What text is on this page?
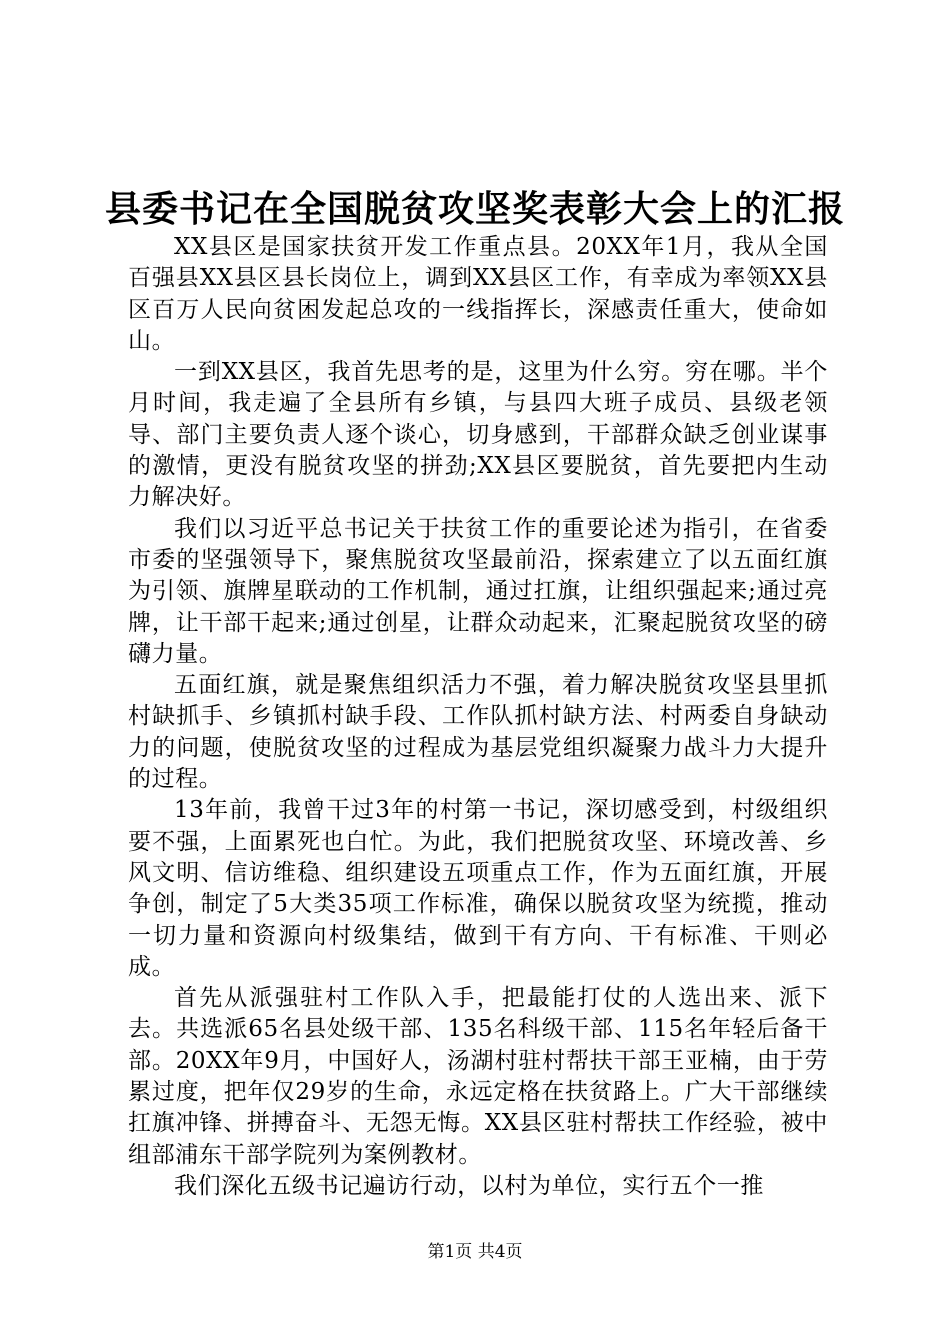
县委书记在全国脱贫攻坚奖表彰大会上的汇报

XX县区是国家扶贫开发工作重点县。20XX年1月，我从全国百强县XX县区县长岗位上，调到XX县区工作，有幸成为率领XX县区百万人民向贫困发起总攻的一线指挥长，深感责任重大，使命如山。

一到XX县区，我首先思考的是，这里为什么穷。穷在哪。半个月时间，我走遍了全县所有乡镇，与县四大班子成员、县级老领导、部门主要负责人逐个谈心，切身感到，干部群众缺乏创业谋事的激情，更没有脱贫攻坚的拼劲;XX县区要脱贫，首先要把内生动力解决好。

我们以习近平总书记关于扶贫工作的重要论述为指引，在省委市委的坚强领导下，聚焦脱贫攻坚最前沿，探索建立了以五面红旗为引领、旗牌星联动的工作机制，通过扛旗，让组织强起来;通过亮牌，让干部干起来;通过创星，让群众动起来，汇聚起脱贫攻坚的磅礴力量。

五面红旗，就是聚焦组织活力不强，着力解决脱贫攻坚县里抓村缺抓手、乡镇抓村缺手段、工作队抓村缺方法、村两委自身缺动力的问题，使脱贫攻坚的过程成为基层党组织凝聚力战斗力大提升的过程。

13年前，我曾干过3年的村第一书记，深切感受到，村级组织要不强，上面累死也白忙。为此，我们把脱贫攻坚、环境改善、乡风文明、信访维稳、组织建设五项重点工作，作为五面红旗，开展争创，制定了5大类35项工作标准，确保以脱贫攻坚为统揽，推动一切力量和资源向村级集结，做到干有方向、干有标准、干则必成。

首先从派强驻村工作队入手，把最能打仗的人选出来、派下去。共选派65名县处级干部、135名科级干部、115名年轻后备干部。20XX年9月，中国好人，汤湖村驻村帮扶干部王亚楠，由于劳累过度，把年仅29岁的生命，永远定格在扶贫路上。广大干部继续扛旗冲锋、拼搏奋斗、无怨无悔。XX县区驻村帮扶工作经验，被中组部浦东干部学院列为案例教材。

我们深化五级书记遍访行动，以村为单位，实行五个一推

第1页 共4页
